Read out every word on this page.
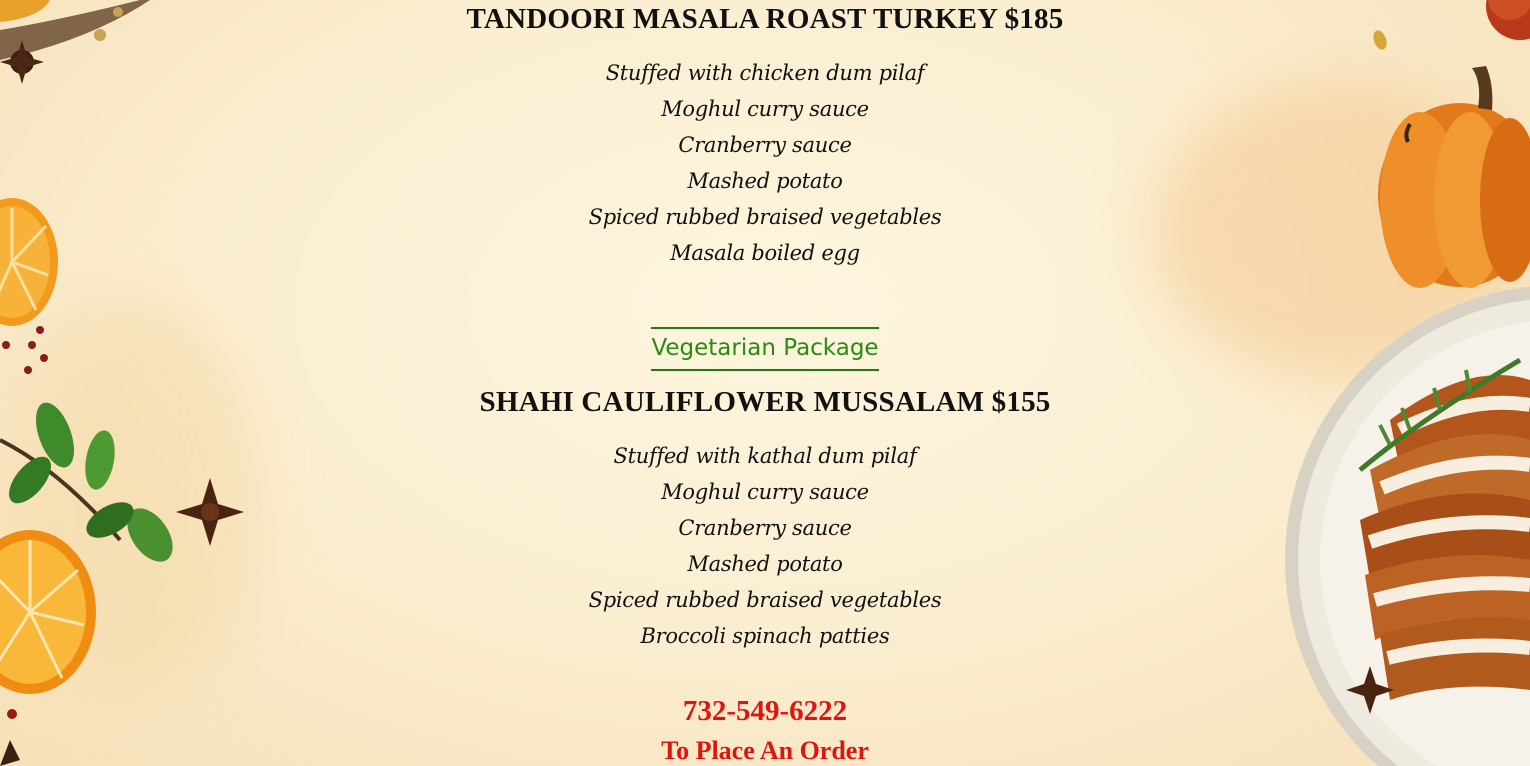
TANDOORI MASALA ROAST TURKEY $185
Stuffed with chicken dum pilaf
Moghul curry sauce
Cranberry sauce
Mashed potato
Spiced rubbed braised vegetables
Masala boiled egg
Vegetarian Package
SHAHI CAULIFLOWER MUSSALAM $155
Stuffed with kathal dum pilaf
Moghul curry sauce
Cranberry sauce
Mashed potato
Spiced rubbed braised vegetables
Broccoli spinach patties
732-549-6222
To Place An Order
